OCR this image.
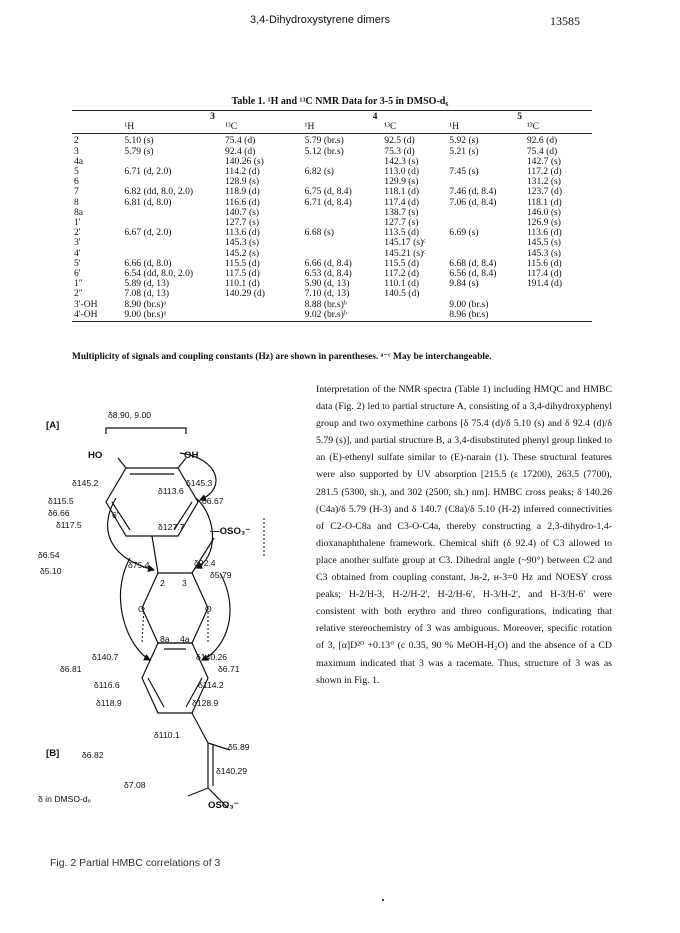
3,4-Dihydroxystyrene dimers	13585
Table 1. ¹H and ¹³C NMR Data for 3-5 in DMSO-d₆
	3		4		5	
	¹H	¹³C	¹H	¹³C	¹H	¹³C
2	5.10 (s)	75.4 (d)	5.79 (br.s)	92.5 (d)	5.92 (s)	92.6 (d)
3	5.79 (s)	92.4 (d)	5.12 (br.s)	75.3 (d)	5.21 (s)	75.4 (d)
4a		140.26 (s)		142.3 (s)		142.7 (s)
5	6.71 (d, 2.0)	114.2 (d)	6.82 (s)	113.0 (d)	7.45 (s)	117.2 (d)
6		128.9 (s)		129.9 (s)		131.2 (s)
7	6.82 (dd, 8.0, 2.0)	118.9 (d)	6.75 (d, 8.4)	118.1 (d)	7.46 (d, 8.4)	123.7 (d)
8	6.81 (d, 8.0)	116.6 (d)	6.71 (d, 8.4)	117.4 (d)	7.06 (d, 8.4)	118.1 (d)
8a		140.7 (s)		138.7 (s)		146.0 (s)
1'		127.7 (s)		127.7 (s)		126.9 (s)
2'	6.67 (d, 2.0)	113.6 (d)	6.68 (s)	113.5 (d)	6.69 (s)	113.6 (d)
3'		145.3 (s)		145.17 (s)ᶜ		145.5 (s)
4'		145.2 (s)		145.21 (s)ᶜ		145.3 (s)
5'	6.66 (d, 8.0)	115.5 (d)	6.66 (d, 8.4)	115.5 (d)	6.68 (d, 8.4)	115.6 (d)
6'	6.54 (dd, 8.0, 2.0)	117.5 (d)	6.53 (d, 8.4)	117.2 (d)	6.56 (d, 8.4)	117.4 (d)
1"	5.89 (d, 13)	110.1 (d)	5.90 (d, 13)	110.1 (d)	9.84 (s)	191.4 (d)
2"	7.08 (d, 13)	140.29 (d)	7.10 (d, 13)	140.5 (d)		
3'-OH	8.90 (br.s)ᵃ		8.88 (br.s)ᵇ		9.00 (br.s)	
4'-OH	9.00 (br.s)ᵃ		9.02 (br.s)ᵇ		8.96 (br.s)	
Multiplicity of signals and coupling constants (Hz) are shown in parentheses. ᵃ⁻ᶜ May be interchangeable.
[A]
δ8.90, 9.00
HO	OH
δ145.2	δ145.3
δ115.5
δ6.66
δ117.5
6'
δ6.54
δ113.6
δ6.67
δ127.7	—OSO₃⁻
δ75.4
δ5.10
δ92.4
δ5.79
2 3
O	O
8a 4a
δ140.7	δ140.26
δ6.81	δ6.71
δ116.6	δ114.2
δ118.9	δ128.9
δ110.1
δ5.89
[B]	δ6.82
δ140.29
δ7.08
δ in DMSO-d₆
OSO₃⁻
Fig. 2 Partial HMBC correlations of 3
Interpretation of the NMR spectra (Table 1) including HMQC and HMBC data (Fig. 2) led to partial structure A, consisting of a 3,4-dihydroxyphenyl group and two oxymethine carbons [δ 75.4 (d)/δ 5.10 (s) and δ 92.4 (d)/δ 5.79 (s)], and partial structure B, a 3,4-disubstituted phenyl group linked to an (E)-ethenyl sulfate similar to (E)-narain (1). These structural features were also supported by UV absorption [215.5 (ε 17200), 263.5 (7700), 281.5 (5300, sh.), and 302 (2500, sh.) nm]. HMBC cross peaks; δ 140.26 (C4a)/δ 5.79 (H-3) and δ 140.7 (C8a)/δ 5.10 (H-2) inferred connectivities of C2-O-C8a and C3-O-C4a, thereby constructing a 2,3-dihydro-1,4-dioxanaphthalene framework. Chemical shift (δ 92.4) of C3 allowed to place another sulfate group at C3. Dihedral angle (~90°) between C2 and C3 obtained from coupling constant, Jʜ-2, ʜ-3=0 Hz and NOESY cross peaks; H-2/H-3, H-2/H-2', H-2/H-6', H-3/H-2', and H-3/H-6' were consistent with both erythro and threo configurations, indicating that relative stereochemistry of 3 was ambiguous. Moreover, specific rotation of 3, [α]D²⁰ +0.13° (c 0.35, 90 % MeOH-H₂O) and the absence of a CD maximum indicated that 3 was a racemate. Thus, structure of 3 was as shown in Fig. 1.
